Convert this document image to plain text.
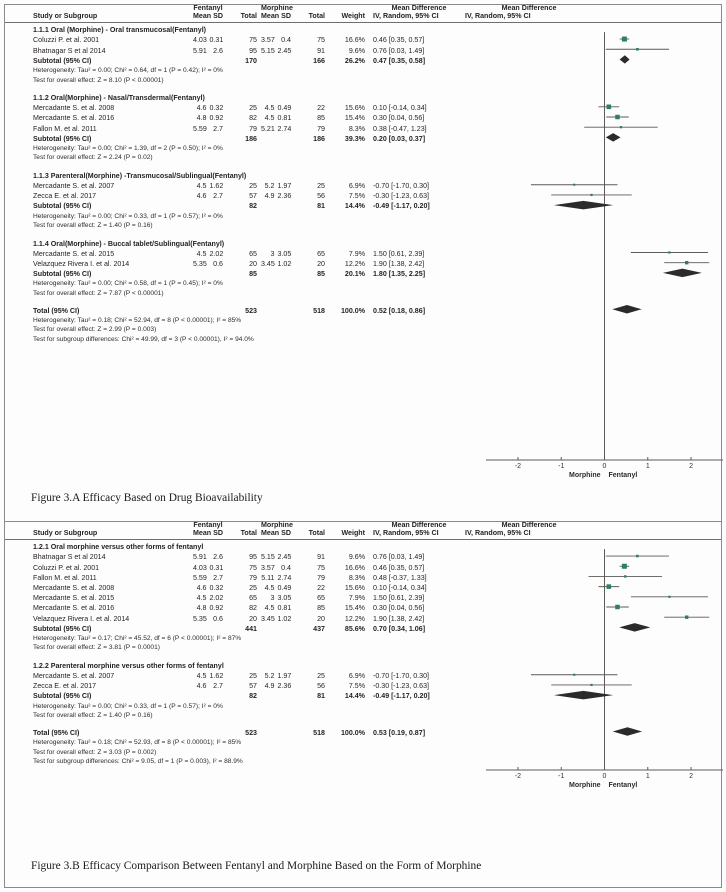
	Fentanyl			Morphine				Mean Difference	Mean Difference
Study or Subgroup	Mean	SD	Total	Mean	SD	Total	Weight	IV, Random, 95% CI	IV, Random, 95% CI

1.1.1 Oral (Morphine) - Oral transmucosal(Fentanyl)									
Coluzzi P. et al. 2001	4.03	0.31	75	3.57	0.4	75	16.6%	0.46 [0.35, 0.57]	
Bhatnagar S et al 2014	5.91	2.6	95	5.15	2.45	91	9.6%	0.76 [0.03, 1.49]	
Subtotal (95% CI)			170			166	26.2%	0.47 [0.35, 0.58]	
Heterogeneity: Tau² = 0.00; Chi² = 0.64, df = 1 (P = 0.42); I² = 0%									
Test for overall effect: Z = 8.10 (P < 0.00001)									

1.1.2 Oral(Morphine) - Nasal/Transdermal(Fentanyl)									
Mercadante S. et al. 2008	4.6	0.32	25	4.5	0.49	22	15.6%	0.10 [-0.14, 0.34]	
Mercadante S. et al. 2016	4.8	0.92	82	4.5	0.81	85	15.4%	0.30 [0.04, 0.56]	
Fallon M. et al. 2011	5.59	2.7	79	5.21	2.74	79	8.3%	0.38 [-0.47, 1.23]	
Subtotal (95% CI)			186			186	39.3%	0.20 [0.03, 0.37]	
Heterogeneity: Tau² = 0.00; Chi² = 1.39, df = 2 (P = 0.50); I² = 0%									
Test for overall effect: Z = 2.24 (P = 0.02)									

1.1.3 Parenteral(Morphine) -Transmucosal/Sublingual(Fentanyl)									
Mercadante S. et al. 2007	4.5	1.62	25	5.2	1.97	25	6.9%	-0.70 [-1.70, 0.30]	
Zecca E. et al. 2017	4.6	2.7	57	4.9	2.36	56	7.5%	-0.30 [-1.23, 0.63]	
Subtotal (95% CI)			82			81	14.4%	-0.49 [-1.17, 0.20]	
Heterogeneity: Tau² = 0.00; Chi² = 0.33, df = 1 (P = 0.57); I² = 0%									
Test for overall effect: Z = 1.40 (P = 0.16)									

1.1.4 Oral(Morphine) - Buccal tablet/Sublingual(Fentanyl)									
Mercadante S. et al. 2015	4.5	2.02	65	3	3.05	65	7.9%	1.50 [0.61, 2.39]	
Velazquez Rivera I. et al. 2014	5.35	0.6	20	3.45	1.02	20	12.2%	1.90 [1.38, 2.42]	
Subtotal (95% CI)			85			85	20.1%	1.80 [1.35, 2.25]	
Heterogeneity: Tau² = 0.00; Chi² = 0.58, df = 1 (P = 0.45); I² = 0%									
Test for overall effect: Z = 7.87 (P < 0.00001)									

Total (95% CI)			523			518	100.0%	0.52 [0.18, 0.86]	
Heterogeneity: Tau² = 0.18; Chi² = 52.94, df = 8 (P < 0.00001); I² = 85%									
Test for overall effect: Z = 2.99 (P = 0.003)									
Test for subgroup differences: Chi² = 49.99, df = 3 (P < 0.00001), I² = 94.0%									
-2	-1	0	1	2
Morphine Fentanyl
Figure 3.A Efficacy Based on Drug Bioavailability
	Fentanyl			Morphine				Mean Difference	Mean Difference
Study or Subgroup	Mean	SD	Total	Mean	SD	Total	Weight	IV, Random, 95% CI	IV, Random, 95% CI

1.2.1 Oral morphine versus other forms of fentanyl									
Bhatnagar S et al 2014	5.91	2.6	95	5.15	2.45	91	9.6%	0.76 [0.03, 1.49]	
Coluzzi P. et al. 2001	4.03	0.31	75	3.57	0.4	75	16.6%	0.46 [0.35, 0.57]	
Fallon M. et al. 2011	5.59	2.7	79	5.11	2.74	79	8.3%	0.48 [-0.37, 1.33]	
Mercadante S. et al. 2008	4.6	0.32	25	4.5	0.49	22	15.6%	0.10 [-0.14, 0.34]	
Mercadante S. et al. 2015	4.5	2.02	65	3	3.05	65	7.9%	1.50 [0.61, 2.39]	
Mercadante S. et al. 2016	4.8	0.92	82	4.5	0.81	85	15.4%	0.30 [0.04, 0.56]	
Velazquez Rivera I. et al. 2014	5.35	0.6	20	3.45	1.02	20	12.2%	1.90 [1.38, 2.42]	
Subtotal (95% CI)			441			437	85.6%	0.70 [0.34, 1.06]	
Heterogeneity: Tau² = 0.17; Chi² = 45.52, df = 6 (P < 0.00001); I² = 87%									
Test for overall effect: Z = 3.81 (P = 0.0001)									

1.2.2 Parenteral morphine versus other forms of fentanyl									
Mercadante S. et al. 2007	4.5	1.62	25	5.2	1.97	25	6.9%	-0.70 [-1.70, 0.30]	
Zecca E. et al. 2017	4.6	2.7	57	4.9	2.36	56	7.5%	-0.30 [-1.23, 0.63]	
Subtotal (95% CI)			82			81	14.4%	-0.49 [-1.17, 0.20]	
Heterogeneity: Tau² = 0.00; Chi² = 0.33, df = 1 (P = 0.57); I² = 0%									
Test for overall effect: Z = 1.40 (P = 0.16)									

Total (95% CI)			523			518	100.0%	0.53 [0.19, 0.87]	
Heterogeneity: Tau² = 0.18; Chi² = 52.93, df = 8 (P < 0.00001); I² = 85%									
Test for overall effect: Z = 3.03 (P = 0.002)									
Test for subgroup differences: Chi² = 9.05, df = 1 (P = 0.003), I² = 88.9%									
-2	-1	0	1	2
Morphine Fentanyl
Figure 3.B Efficacy Comparison Between Fentanyl and Morphine Based on the Form of Morphine
